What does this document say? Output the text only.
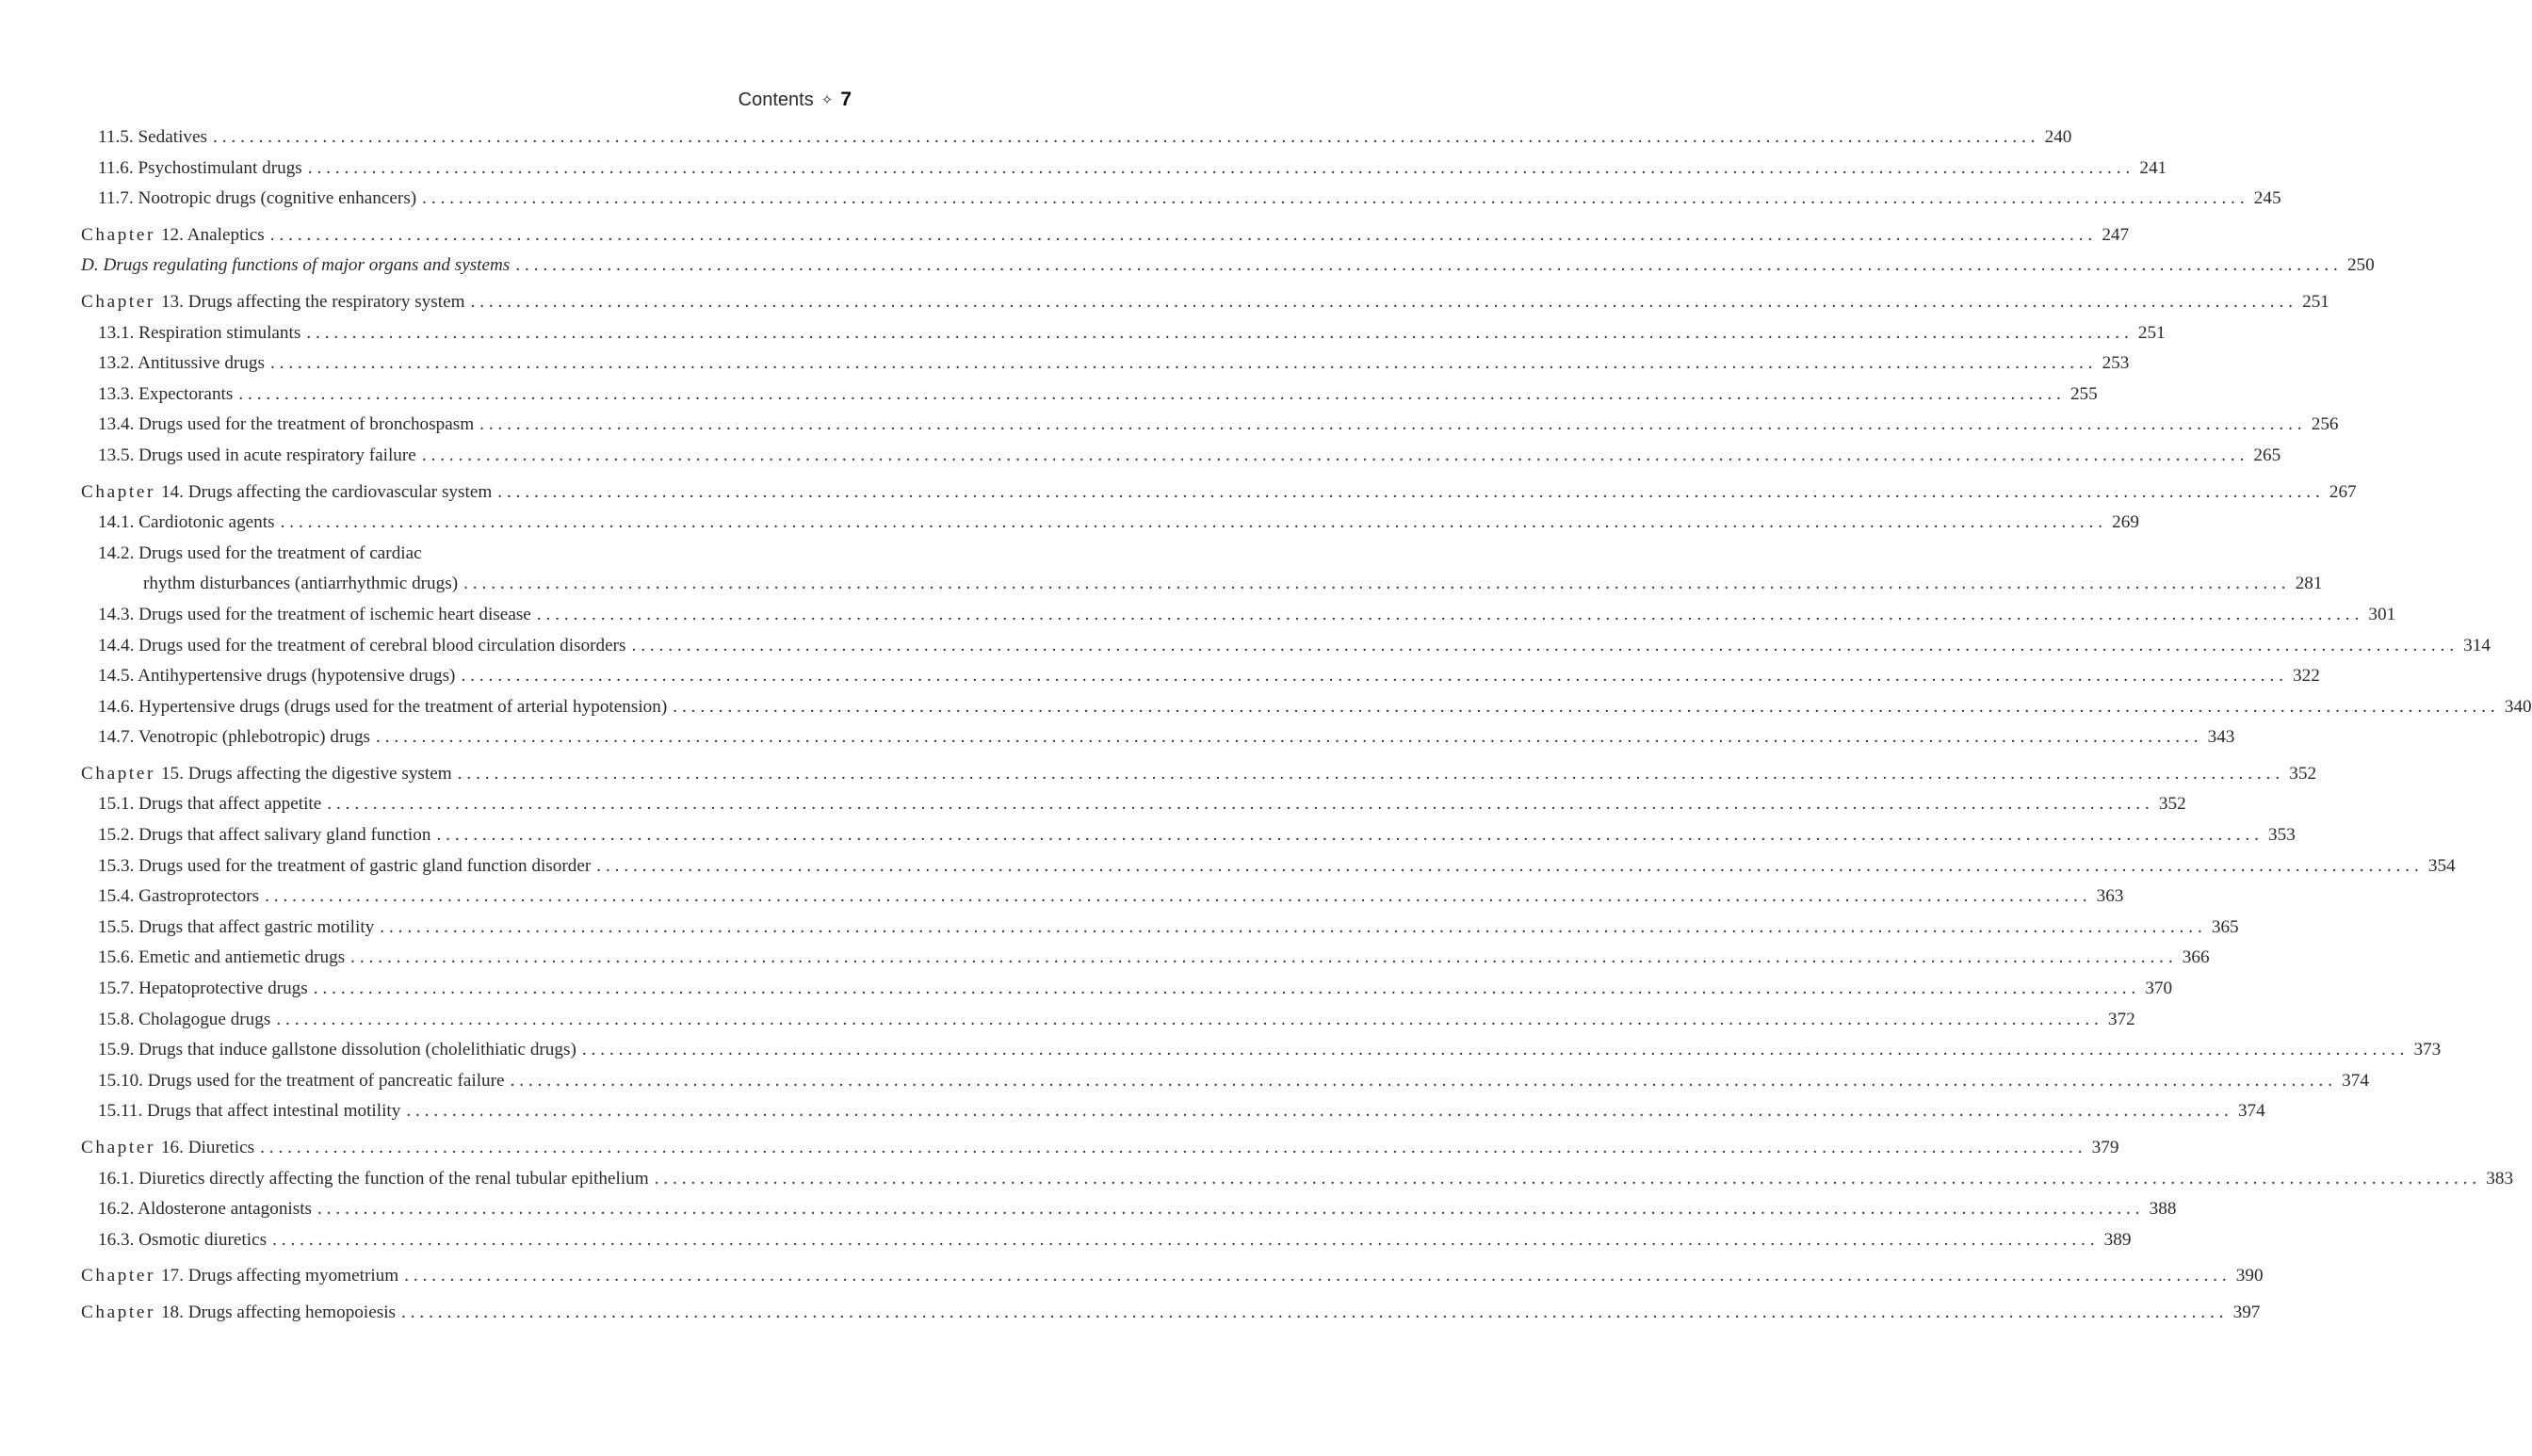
Contents ✧ 7
11.5. Sedatives ........................................................................................................................................................................................................ 240
11.6. Psychostimulant drugs ........................................................................................................................................................................................................ 241
11.7. Nootropic drugs (cognitive enhancers) ........................................................................................................................................................................................................ 245
Chapter 12. Analeptics ........................................................................................................................................................................................................ 247
D. Drugs regulating functions of major organs and systems ........................................................................................................................................................................................................ 250
Chapter 13. Drugs affecting the respiratory system ........................................................................................................................................................................................................ 251
13.1. Respiration stimulants ........................................................................................................................................................................................................ 251
13.2. Antitussive drugs ........................................................................................................................................................................................................ 253
13.3. Expectorants ........................................................................................................................................................................................................ 255
13.4. Drugs used for the treatment of bronchospasm ........................................................................................................................................................................................................ 256
13.5. Drugs used in acute respiratory failure ........................................................................................................................................................................................................ 265
Chapter 14. Drugs affecting the cardiovascular system ........................................................................................................................................................................................................ 267
14.1. Cardiotonic agents ........................................................................................................................................................................................................ 269
14.2. Drugs used for the treatment of cardiac
rhythm disturbances (antiarrhythmic drugs) ........................................................................................................................................................................................................ 281
14.3. Drugs used for the treatment of ischemic heart disease ........................................................................................................................................................................................................ 301
14.4. Drugs used for the treatment of cerebral blood circulation disorders ........................................................................................................................................................................................................ 314
14.5. Antihypertensive drugs (hypotensive drugs) ........................................................................................................................................................................................................ 322
14.6. Hypertensive drugs (drugs used for the treatment of arterial hypotension) ........................................................................................................................................................................................................ 340
14.7. Venotropic (phlebotropic) drugs ........................................................................................................................................................................................................ 343
Chapter 15. Drugs affecting the digestive system ........................................................................................................................................................................................................ 352
15.1. Drugs that affect appetite ........................................................................................................................................................................................................ 352
15.2. Drugs that affect salivary gland function ........................................................................................................................................................................................................ 353
15.3. Drugs used for the treatment of gastric gland function disorder ........................................................................................................................................................................................................ 354
15.4. Gastroprotectors ........................................................................................................................................................................................................ 363
15.5. Drugs that affect gastric motility ........................................................................................................................................................................................................ 365
15.6. Emetic and antiemetic drugs ........................................................................................................................................................................................................ 366
15.7. Hepatoprotective drugs ........................................................................................................................................................................................................ 370
15.8. Cholagogue drugs ........................................................................................................................................................................................................ 372
15.9. Drugs that induce gallstone dissolution (cholelithiatic drugs) ........................................................................................................................................................................................................ 373
15.10. Drugs used for the treatment of pancreatic failure ........................................................................................................................................................................................................ 374
15.11. Drugs that affect intestinal motility ........................................................................................................................................................................................................ 374
Chapter 16. Diuretics ........................................................................................................................................................................................................ 379
16.1. Diuretics directly affecting the function of the renal tubular epithelium ........................................................................................................................................................................................................ 383
16.2. Aldosterone antagonists ........................................................................................................................................................................................................ 388
16.3. Osmotic diuretics ........................................................................................................................................................................................................ 389
Chapter 17. Drugs affecting myometrium ........................................................................................................................................................................................................ 390
Chapter 18. Drugs affecting hemopoiesis ........................................................................................................................................................................................................ 397
